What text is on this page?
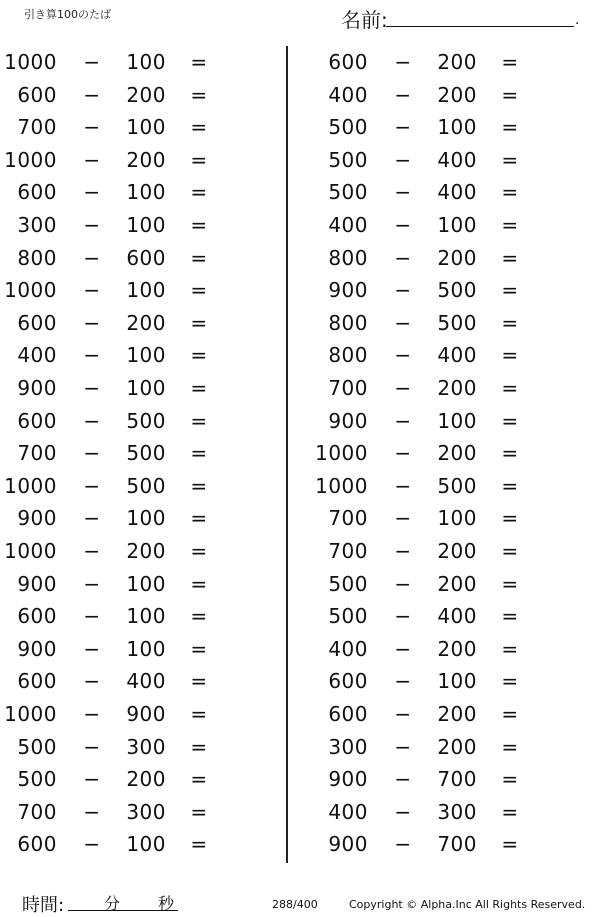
引き算100のたば	名前:	.
1000 −	100 =
600 −	200 =
700 −	100 =
1000 −	200 =
600 −	100 =
300 −	100 =
800 −	600 =
1000 −	100 =
600 −	200 =
400 −	100 =
900 −	100 =
600 −	500 =
700 −	500 =
1000 −	500 =
900 −	100 =
1000 −	200 =
900 −	100 =
600 −	100 =
900 −	100 =
600 −	400 =
1000 −	900 =
500 −	300 =
500 −	200 =
700 −	300 =
600 −	100 =
600 −	200 =
400 −	200 =
500 −	100 =
500 −	400 =
500 −	400 =
400 −	100 =
800 −	200 =
900 −	500 =
800 −	500 =
800 −	400 =
700 −	200 =
900 −	100 =
1000 −	200 =
1000 −	500 =
700 −	100 =
700 −	200 =
500 −	200 =
500 −	400 =
400 −	200 =
600 −	100 =
600 −	200 =
300 −	200 =
900 −	700 =
400 −	300 =
900 −	700 =
時間: 分 秒	288/400	Copyright © Alpha.Inc All Rights Reserved.
